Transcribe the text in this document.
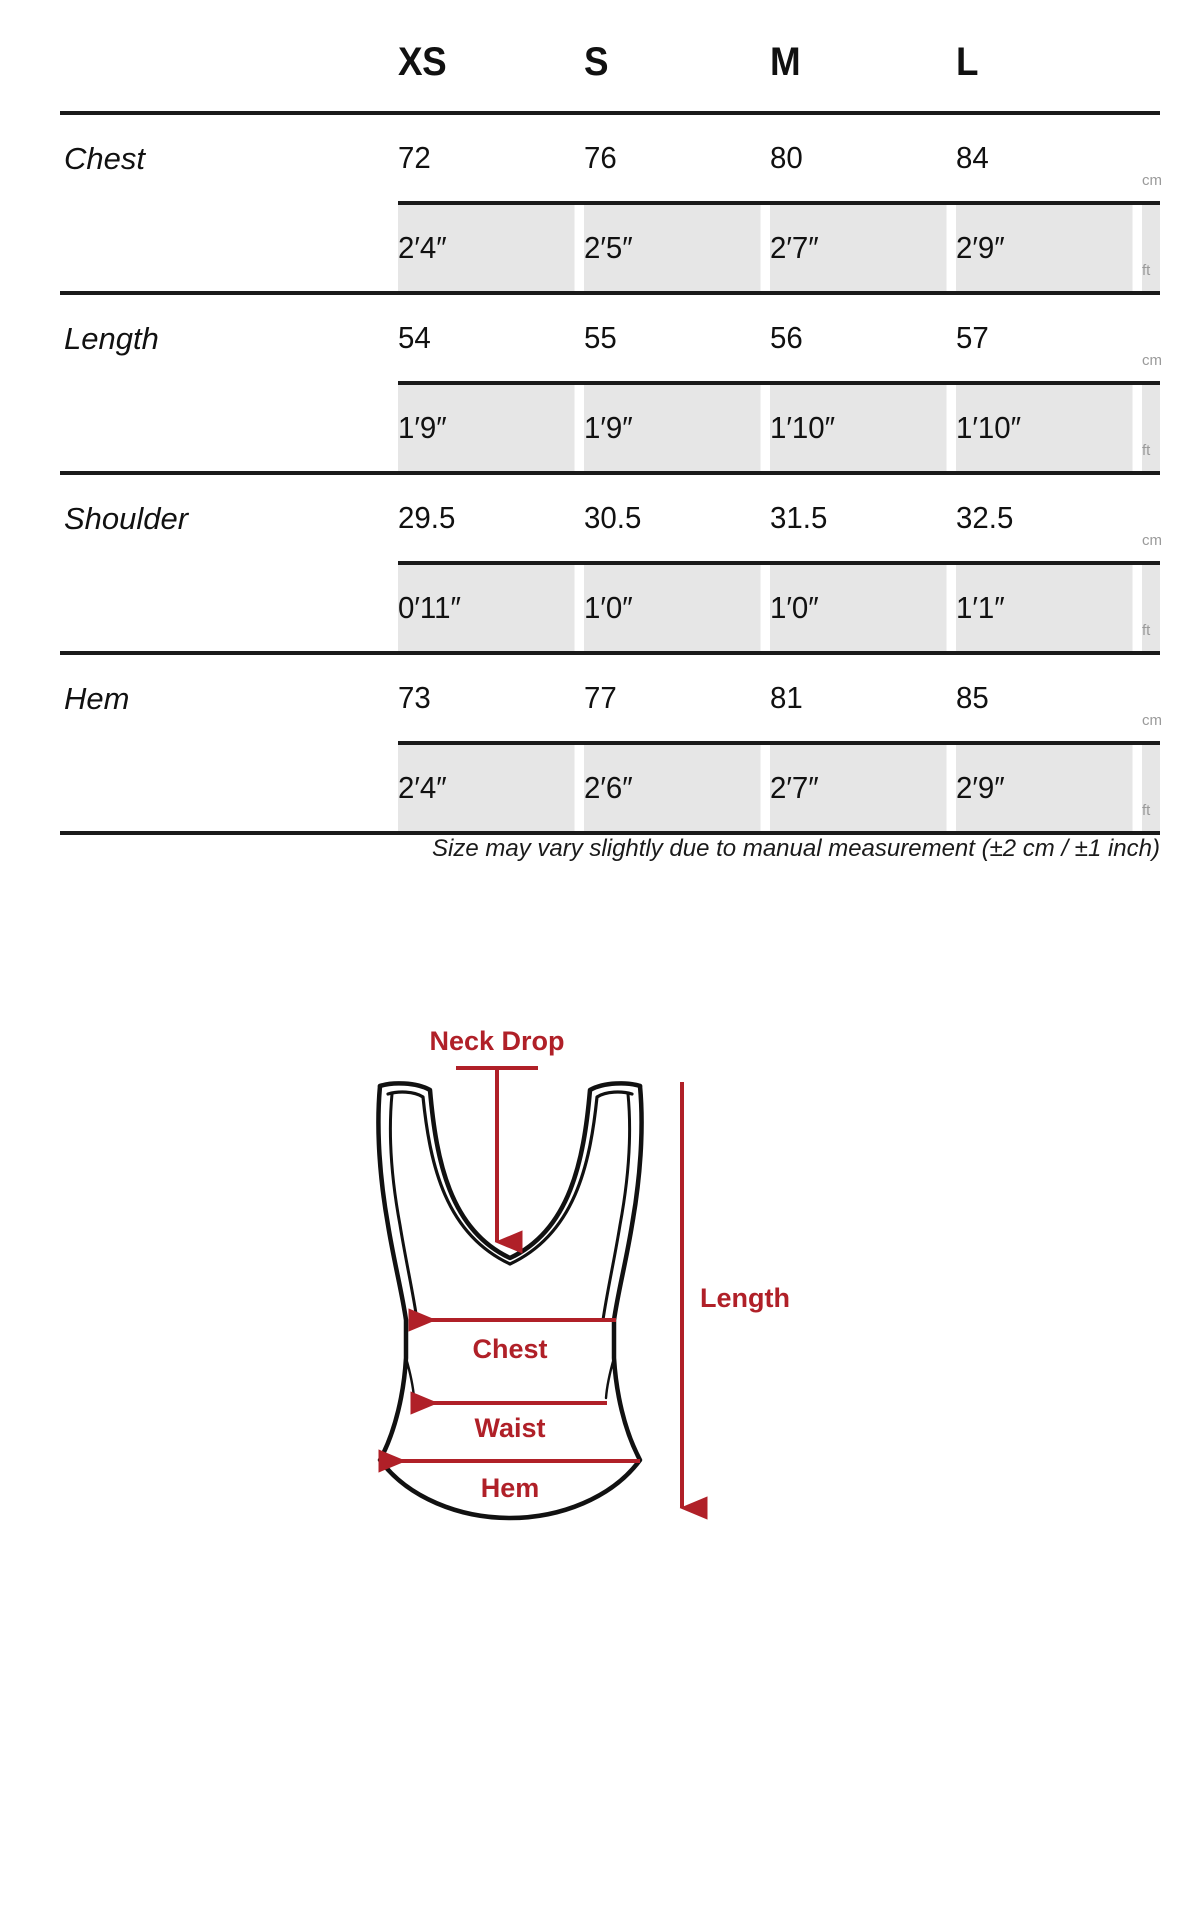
	XS	S	M	L	
Chest	72	76	80	84	cm
	2′4″	2′5″	2′7″	2′9″	ft
Length	54	55	56	57	cm
	1′9″	1′9″	1′10″	1′10″	ft
Shoulder	29.5	30.5	31.5	32.5	cm
	0′11″	1′0″	1′0″	1′1″	ft
Hem	73	77	81	85	cm
	2′4″	2′6″	2′7″	2′9″	ft

Size may vary slightly due to manual measurement (±2 cm / ±1 inch)
Neck Drop
Chest
Waist
Hem
Length
